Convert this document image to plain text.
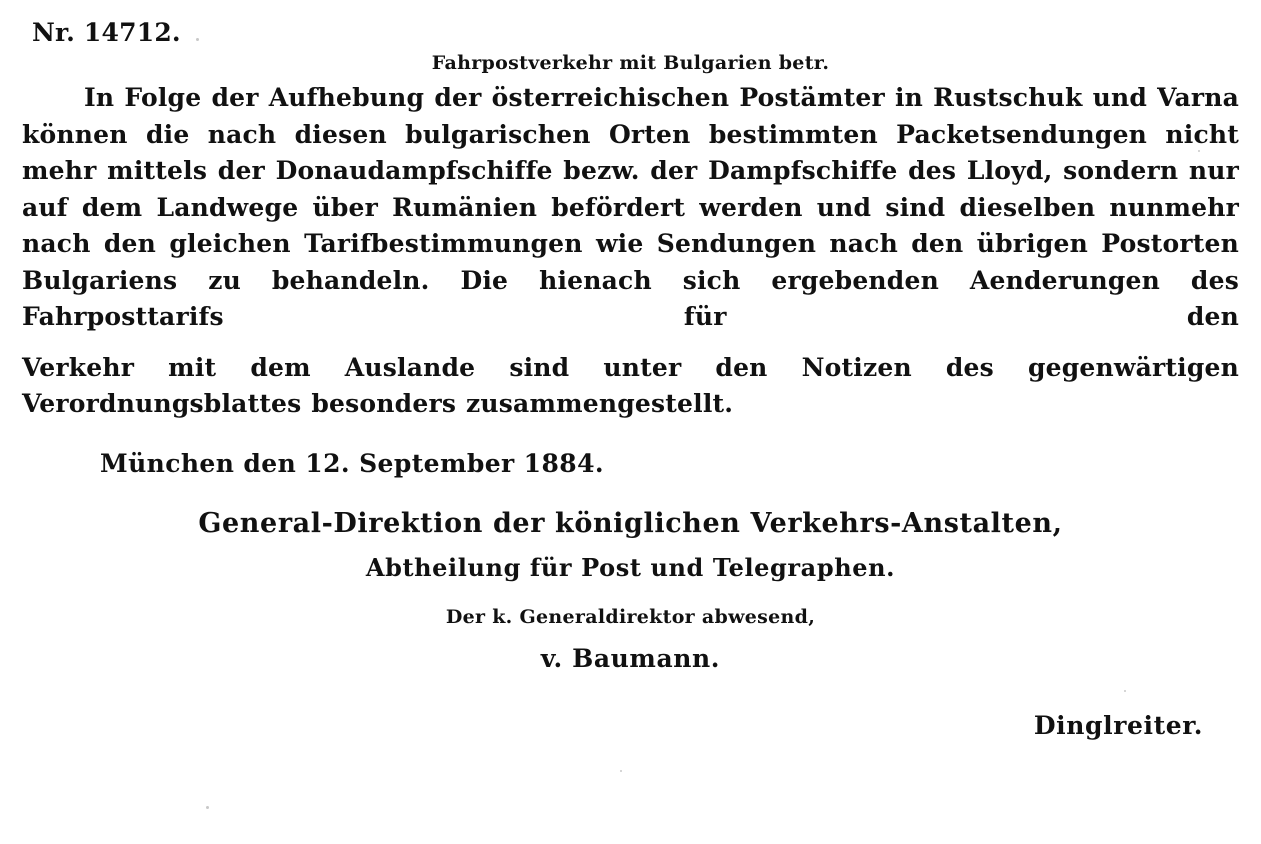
Nr. 14712.
Fahrpostverkehr mit Bulgarien betr.

In Folge der Aufhebung der österreichischen Postämter in Rustschuk und Varna können die nach diesen bulgarischen Orten bestimmten Packetsendungen nicht mehr mittels der Donaudampfschiffe bezw. der Dampfschiffe des Lloyd, sondern nur auf dem Landwege über Rumänien befördert werden und sind dieselben nunmehr nach den gleichen Tarifbestimmungen wie Sendungen nach den übrigen Postorten Bulgariens zu behandeln. Die hienach sich ergebenden Aenderungen des Fahrposttarifs für den

Verkehr mit dem Auslande sind unter den Notizen des gegenwärtigen Verordnungsblattes besonders zusammengestellt.

München den 12. September 1884.
General-Direktion der königlichen Verkehrs-Anstalten,
Abtheilung für Post und Telegraphen.
Der k. Generaldirektor abwesend,
v. Baumann.
Dinglreiter.
